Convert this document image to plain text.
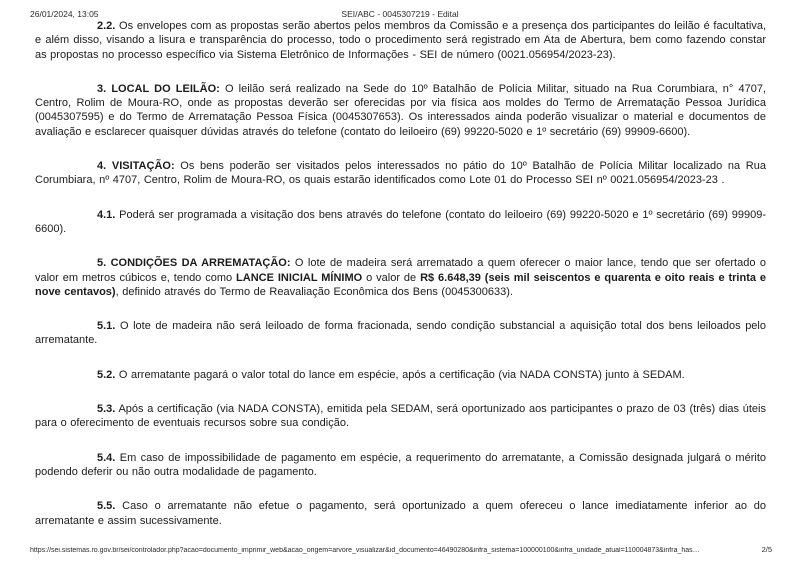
26/01/2024, 13:05	SEI/ABC - 0045307219 - Edital

2.2. Os envelopes com as propostas serão abertos pelos membros da Comissão e a presença dos participantes do leilão é facultativa, e além disso, visando a lisura e transparência do processo, todo o procedimento será registrado em Ata de Abertura, bem como fazendo constar as propostas no processo específico via Sistema Eletrônico de Informações - SEI de número (0021.056954/2023-23).

3. LOCAL DO LEILÃO: O leilão será realizado na Sede do 10º Batalhão de Polícia Militar, situado na Rua Corumbiara, n° 4707, Centro, Rolim de Moura-RO, onde as propostas deverão ser oferecidas por via física aos moldes do Termo de Arrematação Pessoa Jurídica (0045307595) e do Termo de Arrematação Pessoa Física (0045307653). Os interessados ainda poderão visualizar o material e documentos de avaliação e esclarecer quaisquer dúvidas através do telefone (contato do leiloeiro (69) 99220-5020 e 1º secretário (69) 99909-6600).

4. VISITAÇÃO: Os bens poderão ser visitados pelos interessados no pátio do 10º Batalhão de Polícia Militar localizado na Rua Corumbiara, nº 4707, Centro, Rolim de Moura-RO, os quais estarão identificados como Lote 01 do Processo SEI nº 0021.056954/2023-23 .

4.1. Poderá ser programada a visitação dos bens através do telefone (contato do leiloeiro (69) 99220-5020 e 1º secretário (69) 99909-6600).

5. CONDIÇÕES DA ARREMATAÇÃO: O lote de madeira será arrematado a quem oferecer o maior lance, tendo que ser ofertado o valor em metros cúbicos e, tendo como LANCE INICIAL MÍNIMO o valor de R$ 6.648,39 (seis mil seiscentos e quarenta e oito reais e trinta e nove centavos), definido através do Termo de Reavaliação Econômica dos Bens (0045300633).

5.1. O lote de madeira não será leiloado de forma fracionada, sendo condição substancial a aquisição total dos bens leiloados pelo arrematante.

5.2. O arrematante pagará o valor total do lance em espécie, após a certificação (via NADA CONSTA) junto à SEDAM.

5.3. Após a certificação (via NADA CONSTA), emitida pela SEDAM, será oportunizado aos participantes o prazo de 03 (três) dias úteis para o oferecimento de eventuais recursos sobre sua condição.

5.4. Em caso de impossibilidade de pagamento em espécie, a requerimento do arrematante, a Comissão designada julgará o mérito podendo deferir ou não outra modalidade de pagamento.

5.5. Caso o arrematante não efetue o pagamento, será oportunizado a quem ofereceu o lance imediatamente inferior ao do arrematante e assim sucessivamente.

https://sei.sistemas.ro.gov.br/sei/controlador.php?acao=documento_imprimir_web&acao_origem=arvore_visualizar&id_documento=46490280&infra_sistema=100000100&infra_unidade_atual=110004873&infra_has…	2/5
